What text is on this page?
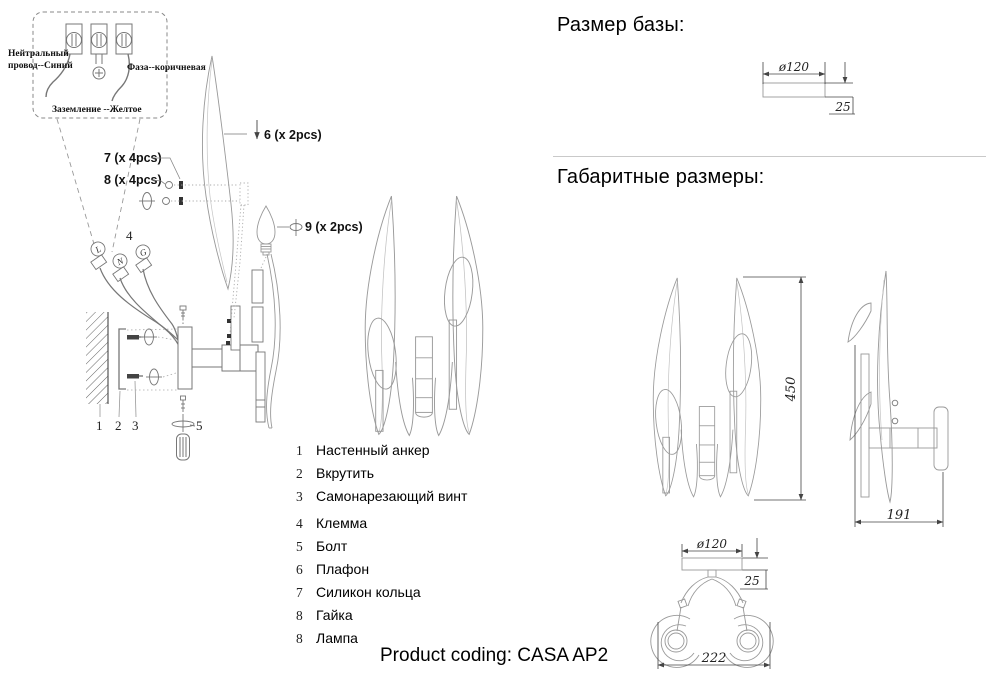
Нейтральный
провод--Синий	Фаза--коричневая
Заземление --Желтое
L
N
G
4
1 2 3	5
7 (x 4pcs)
8 (x 4pcs)
6 (x 2pcs)
9 (x 2pcs)
ø120
25
450
191
ø120
25
222
Размер базы:
Габаритные размеры:
1 Настенный анкер
2 Вкрутить
3 Самонарезающий винт
4 Клемма
5 Болт
6 Плафон
7 Силикон кольца
8 Гайка
8 Лампа
Product coding: CASA AP2
